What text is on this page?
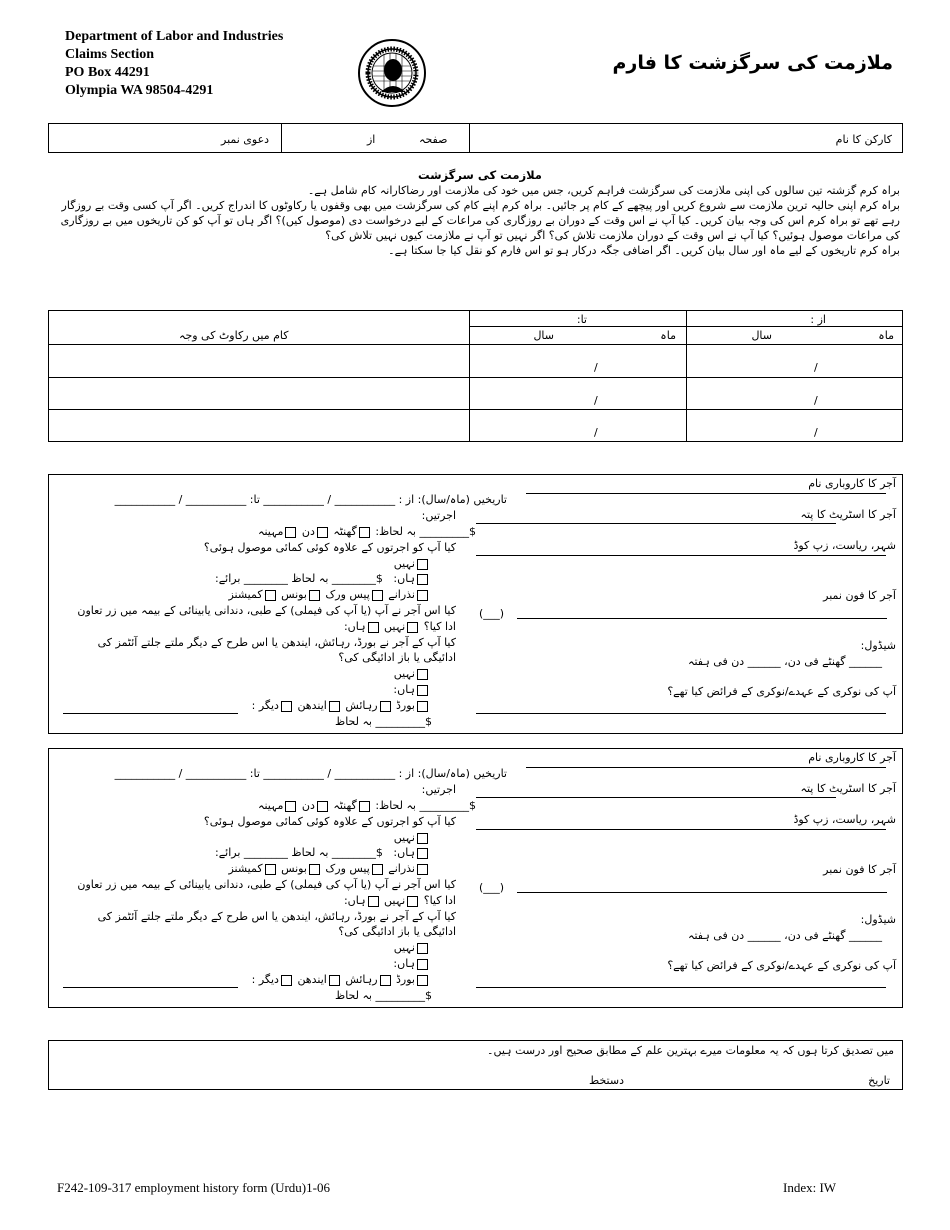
Department of Labor and Industries
Claims Section
PO Box 44291
Olympia WA 98504-4291
ملازمت کی سرگزشت کا فارم
کارکن کا نام
صفحہ
از
دعوی نمبر
ملازمت کی سرگزشت
براہ کرم گزشتہ تین سالوں کی اپنی ملازمت کی سرگزشت فراہم کریں، جس میں خود کی ملازمت اور رضاکارانہ کام شامل ہے۔
براہ کرم اپنی حالیہ ترین ملازمت سے شروع کریں اور پیچھے کے کام پر جائیں۔ براہ کرم اپنے کام کی سرگزشت میں بھی وقفوں یا رکاوٹوں کا اندراج کریں۔ اگر آپ کسی وقت بے روزگار رہے تھے تو براہ کرم اس کی وجہ بیان کریں۔ کیا آپ نے اس وقت کے دوران بے روزگاری کی مراعات کے لیے درخواست دی (موصول کیں)؟ اگر ہاں تو آپ کو کن تاریخوں میں بے روزگاری کی مراعات موصول ہوئیں؟ کیا آپ نے اس وقت کے دوران ملازمت تلاش کی؟ اگر نہیں تو آپ نے ملازمت کیوں نہیں تلاش کی؟
براہ کرم تاریخوں کے لیے ماہ اور سال بیان کریں۔ اگر اضافی جگہ درکار ہو تو اس فارم کو نقل کیا جا سکتا ہے۔
از :
تا:
ماہ
سال
ماہ
سال
کام میں رکاوٹ کی وجہ
/
/
/
/
/
/
آجر کا کاروباری نام
آجر کا اسٹریٹ کا پتہ
شہر، ریاست، زپ کوڈ
آجر کا فون نمبر
(___)
شیڈول:
______ گھنٹے فی دن، ______ دن فی ہفتہ
آپ کی نوکری کے عہدے/نوکری کے فرائض کیا تھے؟
تاریخیں (ماہ/سال): از : ___________ / ___________ تا: ___________ / ___________
اجرتیں:
$_________ بہ لحاظ: گھنٹہ دن مہینہ
کیا آپ کو اجرتوں کے علاوہ کوئی کمائی موصول ہوئی؟
نہیں
ہاں:   $________ بہ لحاظ ________ برائے:
نذرانے پیس ورک بونس کمیشنز
کیا اس آجر نے آپ (یا آپ کی فیملی) کے طبی، دندانی یابینائی کے بیمہ میں زر تعاون
ادا کیا؟ نہیں ہاں:
کیا آپ کے آجر نے بورڈ، رہائش، ایندھن یا اس طرح کے دیگر ملتے جلتے آئٹمز کی
ادائیگی یا باز ادائیگی کی؟
نہیں
ہاں:
بورڈ رہائش ایندھن دیگر :
$_________ بہ لحاظ
آجر کا کاروباری نام
آجر کا اسٹریٹ کا پتہ
شہر، ریاست، زپ کوڈ
آجر کا فون نمبر
(___)
شیڈول:
______ گھنٹے فی دن، ______ دن فی ہفتہ
آپ کی نوکری کے عہدے/نوکری کے فرائض کیا تھے؟
تاریخیں (ماہ/سال): از : ___________ / ___________ تا: ___________ / ___________
اجرتیں:
$_________ بہ لحاظ: گھنٹہ دن مہینہ
کیا آپ کو اجرتوں کے علاوہ کوئی کمائی موصول ہوئی؟
نہیں
ہاں:   $________ بہ لحاظ ________ برائے:
نذرانے پیس ورک بونس کمیشنز
کیا اس آجر نے آپ (یا آپ کی فیملی) کے طبی، دندانی یابینائی کے بیمہ میں زر تعاون
ادا کیا؟ نہیں ہاں:
کیا آپ کے آجر نے بورڈ، رہائش، ایندھن یا اس طرح کے دیگر ملتے جلتے آئٹمز کی
ادائیگی یا باز ادائیگی کی؟
نہیں
ہاں:
بورڈ رہائش ایندھن دیگر :
$_________ بہ لحاظ
میں تصدیق کرتا ہوں کہ یہ معلومات میرے بہترین علم کے مطابق صحیح اور درست ہیں۔
دستخط	تاریخ
F242-109-317 employment history form (Urdu)1-06	Index: IW
